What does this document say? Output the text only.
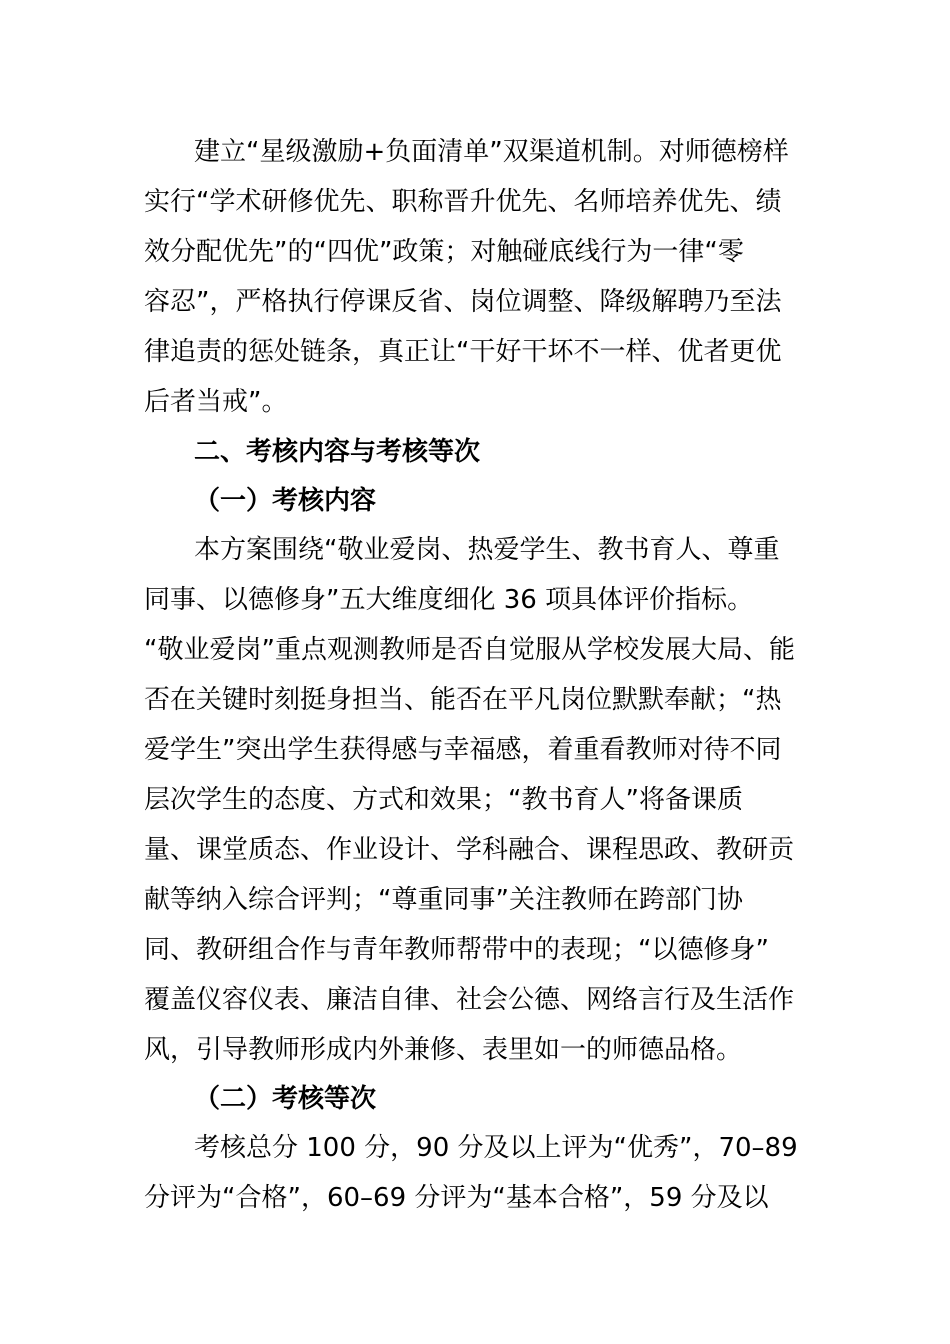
建立“星级激励+负面清单”双渠道机制。对师德榜样
实行“学术研修优先、职称晋升优先、名师培养优先、绩
效分配优先”的“四优”政策；对触碰底线行为一律“零
容忍”，严格执行停课反省、岗位调整、降级解聘乃至法
律追责的惩处链条，真正让“干好干坏不一样、优者更优
后者当戒”。
二、考核内容与考核等次
（一）考核内容
本方案围绕“敬业爱岗、热爱学生、教书育人、尊重
同事、以德修身”五大维度细化 36 项具体评价指标。
“敬业爱岗”重点观测教师是否自觉服从学校发展大局、能
否在关键时刻挺身担当、能否在平凡岗位默默奉献；“热
爱学生”突出学生获得感与幸福感，着重看教师对待不同
层次学生的态度、方式和效果；“教书育人”将备课质
量、课堂质态、作业设计、学科融合、课程思政、教研贡
献等纳入综合评判；“尊重同事”关注教师在跨部门协
同、教研组合作与青年教师帮带中的表现；“以德修身”
覆盖仪容仪表、廉洁自律、社会公德、网络言行及生活作
风，引导教师形成内外兼修、表里如一的师德品格。
（二）考核等次
考核总分 100 分，90 分及以上评为“优秀”，70–89
分评为“合格”，60–69 分评为“基本合格”，59 分及以
